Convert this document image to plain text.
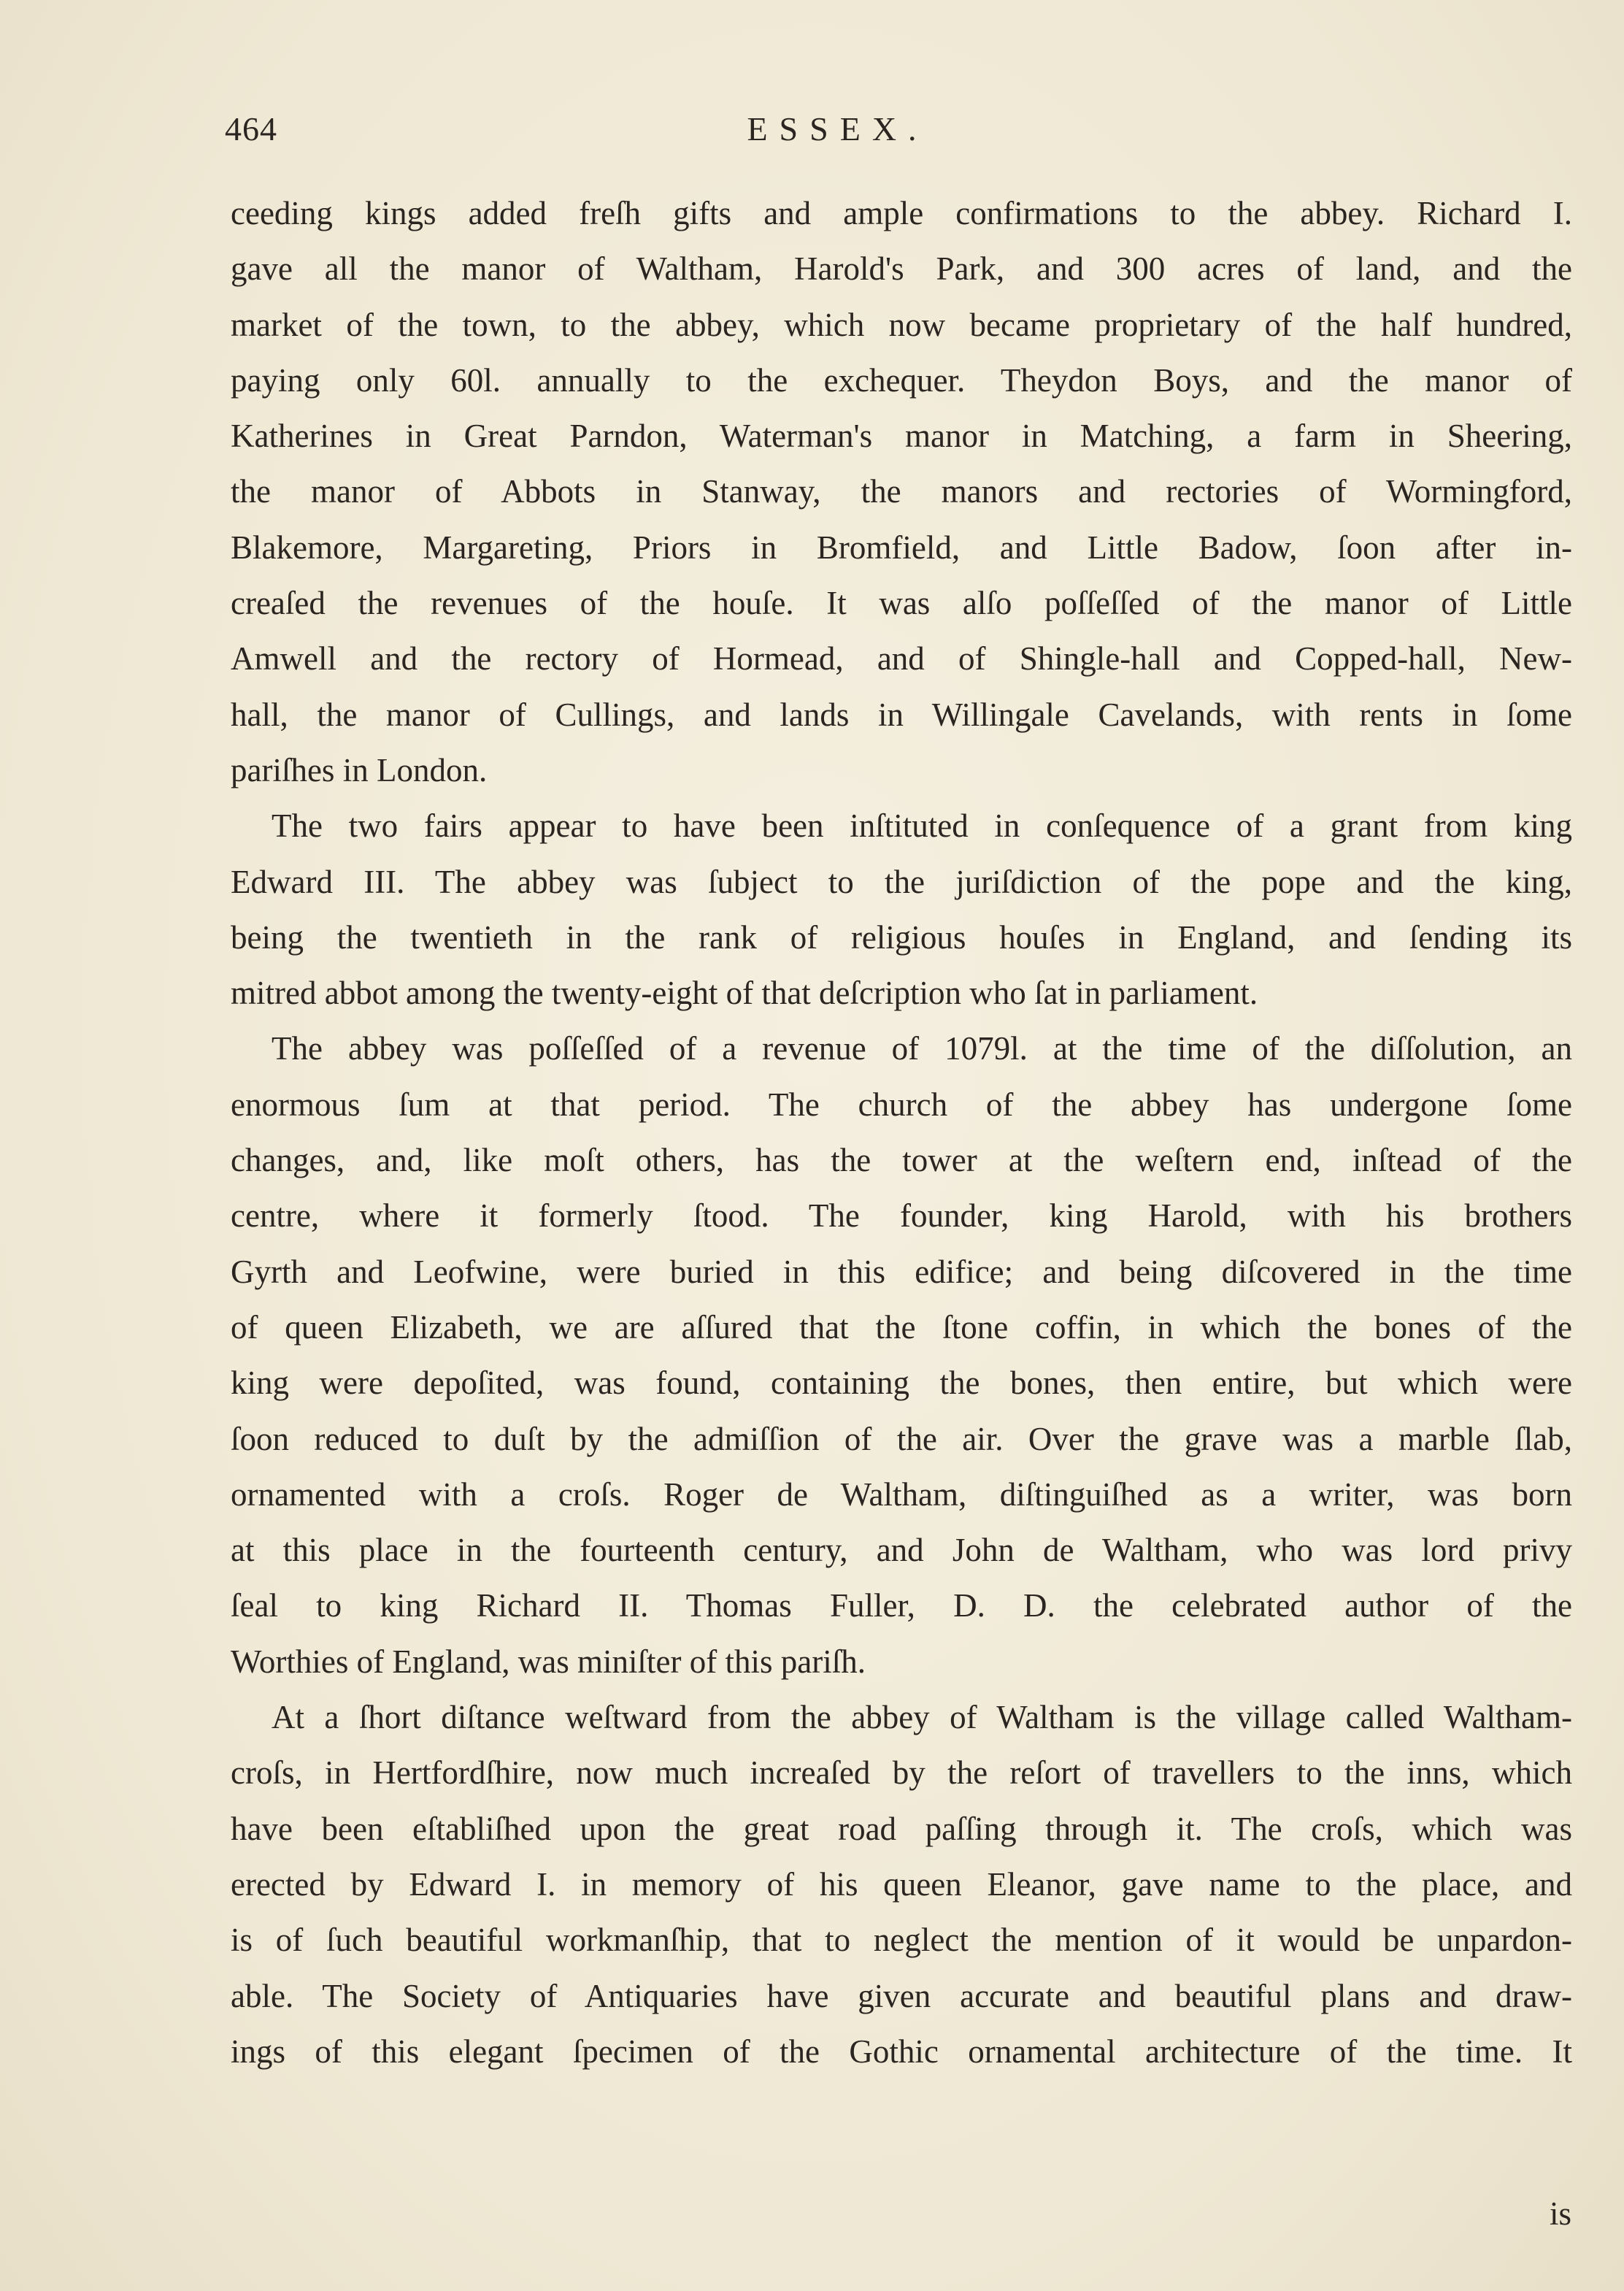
464	ESSEX.

ceeding kings added freſh gifts and ample confirmations to the abbey. Richard I.
gave all the manor of Waltham, Harold's Park, and 300 acres of land, and the
market of the town, to the abbey, which now became proprietary of the half hundred,
paying only 60l. annually to the exchequer. Theydon Boys, and the manor of
Katherines in Great Parndon, Waterman's manor in Matching, a farm in Sheering,
the manor of Abbots in Stanway, the manors and rectories of Wormingford,
Blakemore, Margareting, Priors in Bromfield, and Little Badow, ſoon after in-
creaſed the revenues of the houſe. It was alſo poſſeſſed of the manor of Little
Amwell and the rectory of Hormead, and of Shingle-hall and Copped-hall, New-
hall, the manor of Cullings, and lands in Willingale Cavelands, with rents in ſome
pariſhes in London.

The two fairs appear to have been inſtituted in conſequence of a grant from king
Edward III. The abbey was ſubject to the juriſdiction of the pope and the king,
being the twentieth in the rank of religious houſes in England, and ſending its
mitred abbot among the twenty-eight of that deſcription who ſat in parliament.

The abbey was poſſeſſed of a revenue of 1079l. at the time of the diſſolution, an
enormous ſum at that period. The church of the abbey has undergone ſome
changes, and, like moſt others, has the tower at the weſtern end, inſtead of the
centre, where it formerly ſtood. The founder, king Harold, with his brothers
Gyrth and Leofwine, were buried in this edifice; and being diſcovered in the time
of queen Elizabeth, we are aſſured that the ſtone coffin, in which the bones of the
king were depoſited, was found, containing the bones, then entire, but which were
ſoon reduced to duſt by the admiſſion of the air. Over the grave was a marble ſlab,
ornamented with a croſs. Roger de Waltham, diſtinguiſhed as a writer, was born
at this place in the fourteenth century, and John de Waltham, who was lord privy
ſeal to king Richard II. Thomas Fuller, D. D. the celebrated author of the
Worthies of England, was miniſter of this pariſh.

At a ſhort diſtance weſtward from the abbey of Waltham is the village called Waltham-
croſs, in Hertfordſhire, now much increaſed by the reſort of travellers to the inns, which
have been eſtabliſhed upon the great road paſſing through it. The croſs, which was
erected by Edward I. in memory of his queen Eleanor, gave name to the place, and
is of ſuch beautiful workmanſhip, that to neglect the mention of it would be unpardon-
able. The Society of Antiquaries have given accurate and beautiful plans and draw-
ings of this elegant ſpecimen of the Gothic ornamental architecture of the time. It

is
